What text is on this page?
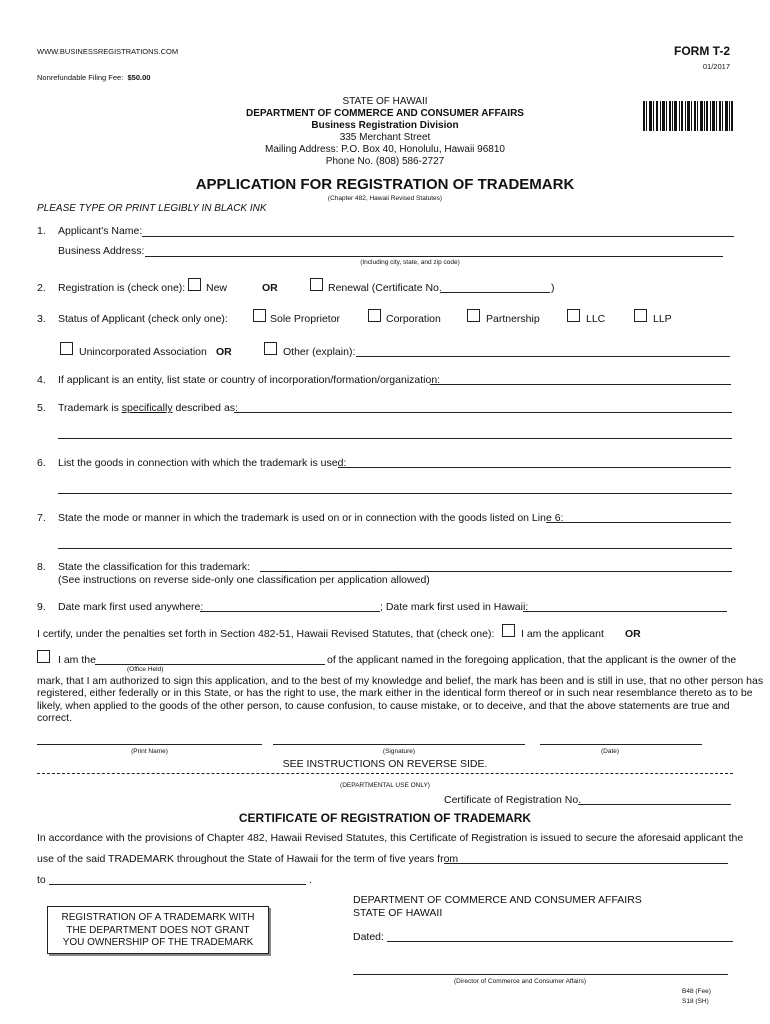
WWW.BUSINESSREGISTRATIONS.COM	FORM T-2
01/2017
Nonrefundable Filing Fee: $50.00
STATE OF HAWAII
DEPARTMENT OF COMMERCE AND CONSUMER AFFAIRS
Business Registration Division
335 Merchant Street
Mailing Address: P.O. Box 40, Honolulu, Hawaii 96810
Phone No. (808) 586-2727
APPLICATION FOR REGISTRATION OF TRADEMARK
(Chapter 482, Hawaii Revised Statutes)
PLEASE TYPE OR PRINT LEGIBLY IN BLACK INK
1. Applicant's Name:
Business Address:
(Including city, state, and zip code)
2. Registration is (check one): New	OR	Renewal (Certificate No.	)
3. Status of Applicant (check only one):	Sole Proprietor	Corporation	Partnership	LLC	LLP
Unincorporated Association OR	Other (explain):
4. If applicant is an entity, list state or country of incorporation/formation/organization:
5. Trademark is specifically described as:
6. List the goods in connection with which the trademark is used:
7. State the mode or manner in which the trademark is used on or in connection with the goods listed on Line 6:
8. State the classification for this trademark:
(See instructions on reverse side-only one classification per application allowed)
9. Date mark first used anywhere:	; Date mark first used in Hawaii:
I certify, under the penalties set forth in Section 482-51, Hawaii Revised Statutes, that (check one):	I am the applicant OR
I am the
(Office Held)
of the applicant named in the foregoing application, that the applicant is the owner of the
mark, that I am authorized to sign this application, and to the best of my knowledge and belief, the mark has been and is still in use, that no other person has
registered, either federally or in this State, or has the right to use, the mark either in the identical form thereof or in such near resemblance thereto as to be
likely, when applied to the goods of the other person, to cause confusion, to cause mistake, or to deceive, and that the above statements are true and
correct.
(Print Name)	(Signature)	(Date)
SEE INSTRUCTIONS ON REVERSE SIDE.
(DEPARTMENTAL USE ONLY)
Certificate of Registration No.
CERTIFICATE OF REGISTRATION OF TRADEMARK
In accordance with the provisions of Chapter 482, Hawaii Revised Statutes, this Certificate of Registration is issued to secure the aforesaid applicant the
use of the said TRADEMARK throughout the State of Hawaii for the term of five years from
to	.
REGISTRATION OF A TRADEMARK WITH
THE DEPARTMENT DOES NOT GRANT
YOU OWNERSHIP OF THE TRADEMARK
DEPARTMENT OF COMMERCE AND CONSUMER AFFAIRS
STATE OF HAWAII
Dated:
(Director of Commerce and Consumer Affairs)
B48 (Fee)
S18 (SH)
